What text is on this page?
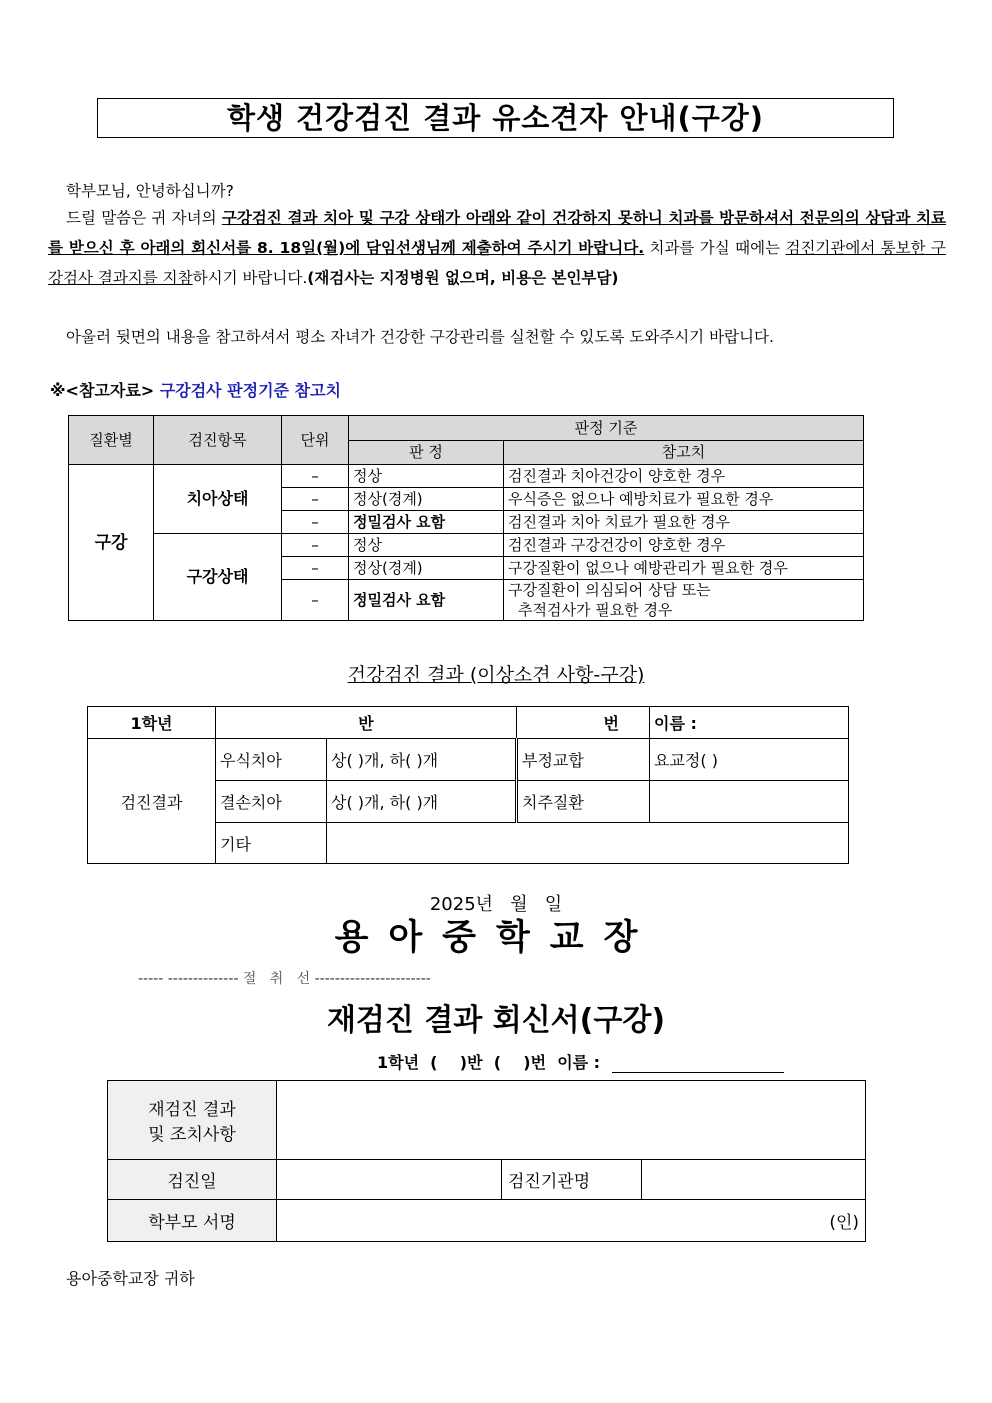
학생 건강검진 결과 유소견자 안내(구강)
학부모님, 안녕하십니까?
드릴 말씀은 귀 자녀의 구강검진 결과 치아 및 구강 상태가 아래와 같이 건강하지 못하니 치과를 방문하셔서 전문의의 상담과 치료를 받으신 후 아래의 회신서를 8. 18일(월)에 담임선생님께 제출하여 주시기 바랍니다. 치과를 가실 때에는 검진기관에서 통보한 구강검사 결과지를 지참하시기 바랍니다.(재검사는 지정병원 없으며, 비용은 본인부담)
아울러 뒷면의 내용을 참고하셔서 평소 자녀가 건강한 구강관리를 실천할 수 있도록 도와주시기 바랍니다.
※<참고자료> 구강검사 판정기준 참고치
질환별	검진항목	단위	판정 기준	
			판 정	참고치
구강	치아상태	–	정상	검진결과 치아건강이 양호한 경우
		–	정상(경계)	우식증은 없으나 예방치료가 필요한 경우
		–	정밀검사 요함	검진결과 치아 치료가 필요한 경우
	구강상태	–	정상	검진결과 구강건강이 양호한 경우
		–	정상(경계)	구강질환이 없으나 예방관리가 필요한 경우
		–	정밀검사 요함	구강질환이 의심되어 상담 또는
추적검사가 필요한 경우
건강검진 결과 (이상소견 사항-구강)
1학년	반		번	이름 :
검진결과	우식치아	상( )개, 하( )개	부정교합	요교정( )
	결손치아	상( )개, 하( )개	치주질환	
	기타			
2025년   월   일
용아중학교장
----- -------------- 절   취   선 -----------------------
재검진 결과 회신서(구강)
1학년  (    )반  (    )번  이름 :
재검진 결과
및 조치사항			

검진일		검진기관명	
학부모 서명	(인)		
용아중학교장 귀하
